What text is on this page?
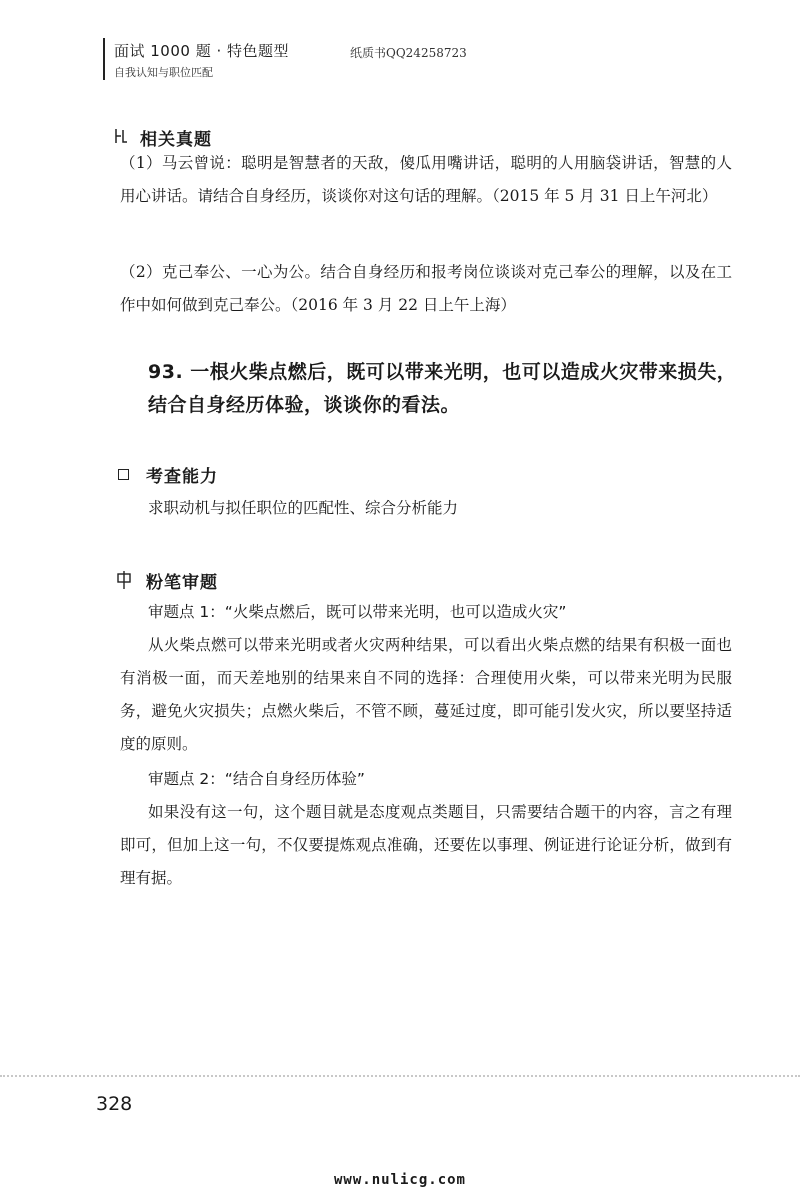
面试 1000 题 · 特色题型
自我认知与职位匹配
纸质书QQ24258723
相关真题
（1）马云曾说：聪明是智慧者的天敌，傻瓜用嘴讲话，聪明的人用脑袋讲话，智慧的人用心讲话。请结合自身经历，谈谈你对这句话的理解。（2015 年 5 月 31 日上午河北）
（2）克己奉公、一心为公。结合自身经历和报考岗位谈谈对克己奉公的理解，以及在工作中如何做到克己奉公。（2016 年 3 月 22 日上午上海）
93. 一根火柴点燃后，既可以带来光明，也可以造成火灾带来损失，结合自身经历体验，谈谈你的看法。
考查能力
求职动机与拟任职位的匹配性、综合分析能力
粉笔审题
审题点 1：“火柴点燃后，既可以带来光明，也可以造成火灾”
从火柴点燃可以带来光明或者火灾两种结果，可以看出火柴点燃的结果有积极一面也有消极一面，而天差地别的结果来自不同的选择：合理使用火柴，可以带来光明为民服务，避免火灾损失；点燃火柴后，不管不顾，蔓延过度，即可能引发火灾，所以要坚持适度的原则。
审题点 2：“结合自身经历体验”
如果没有这一句，这个题目就是态度观点类题目，只需要结合题干的内容，言之有理即可，但加上这一句，不仅要提炼观点准确，还要佐以事理、例证进行论证分析，做到有理有据。
328
www.nulicg.com
